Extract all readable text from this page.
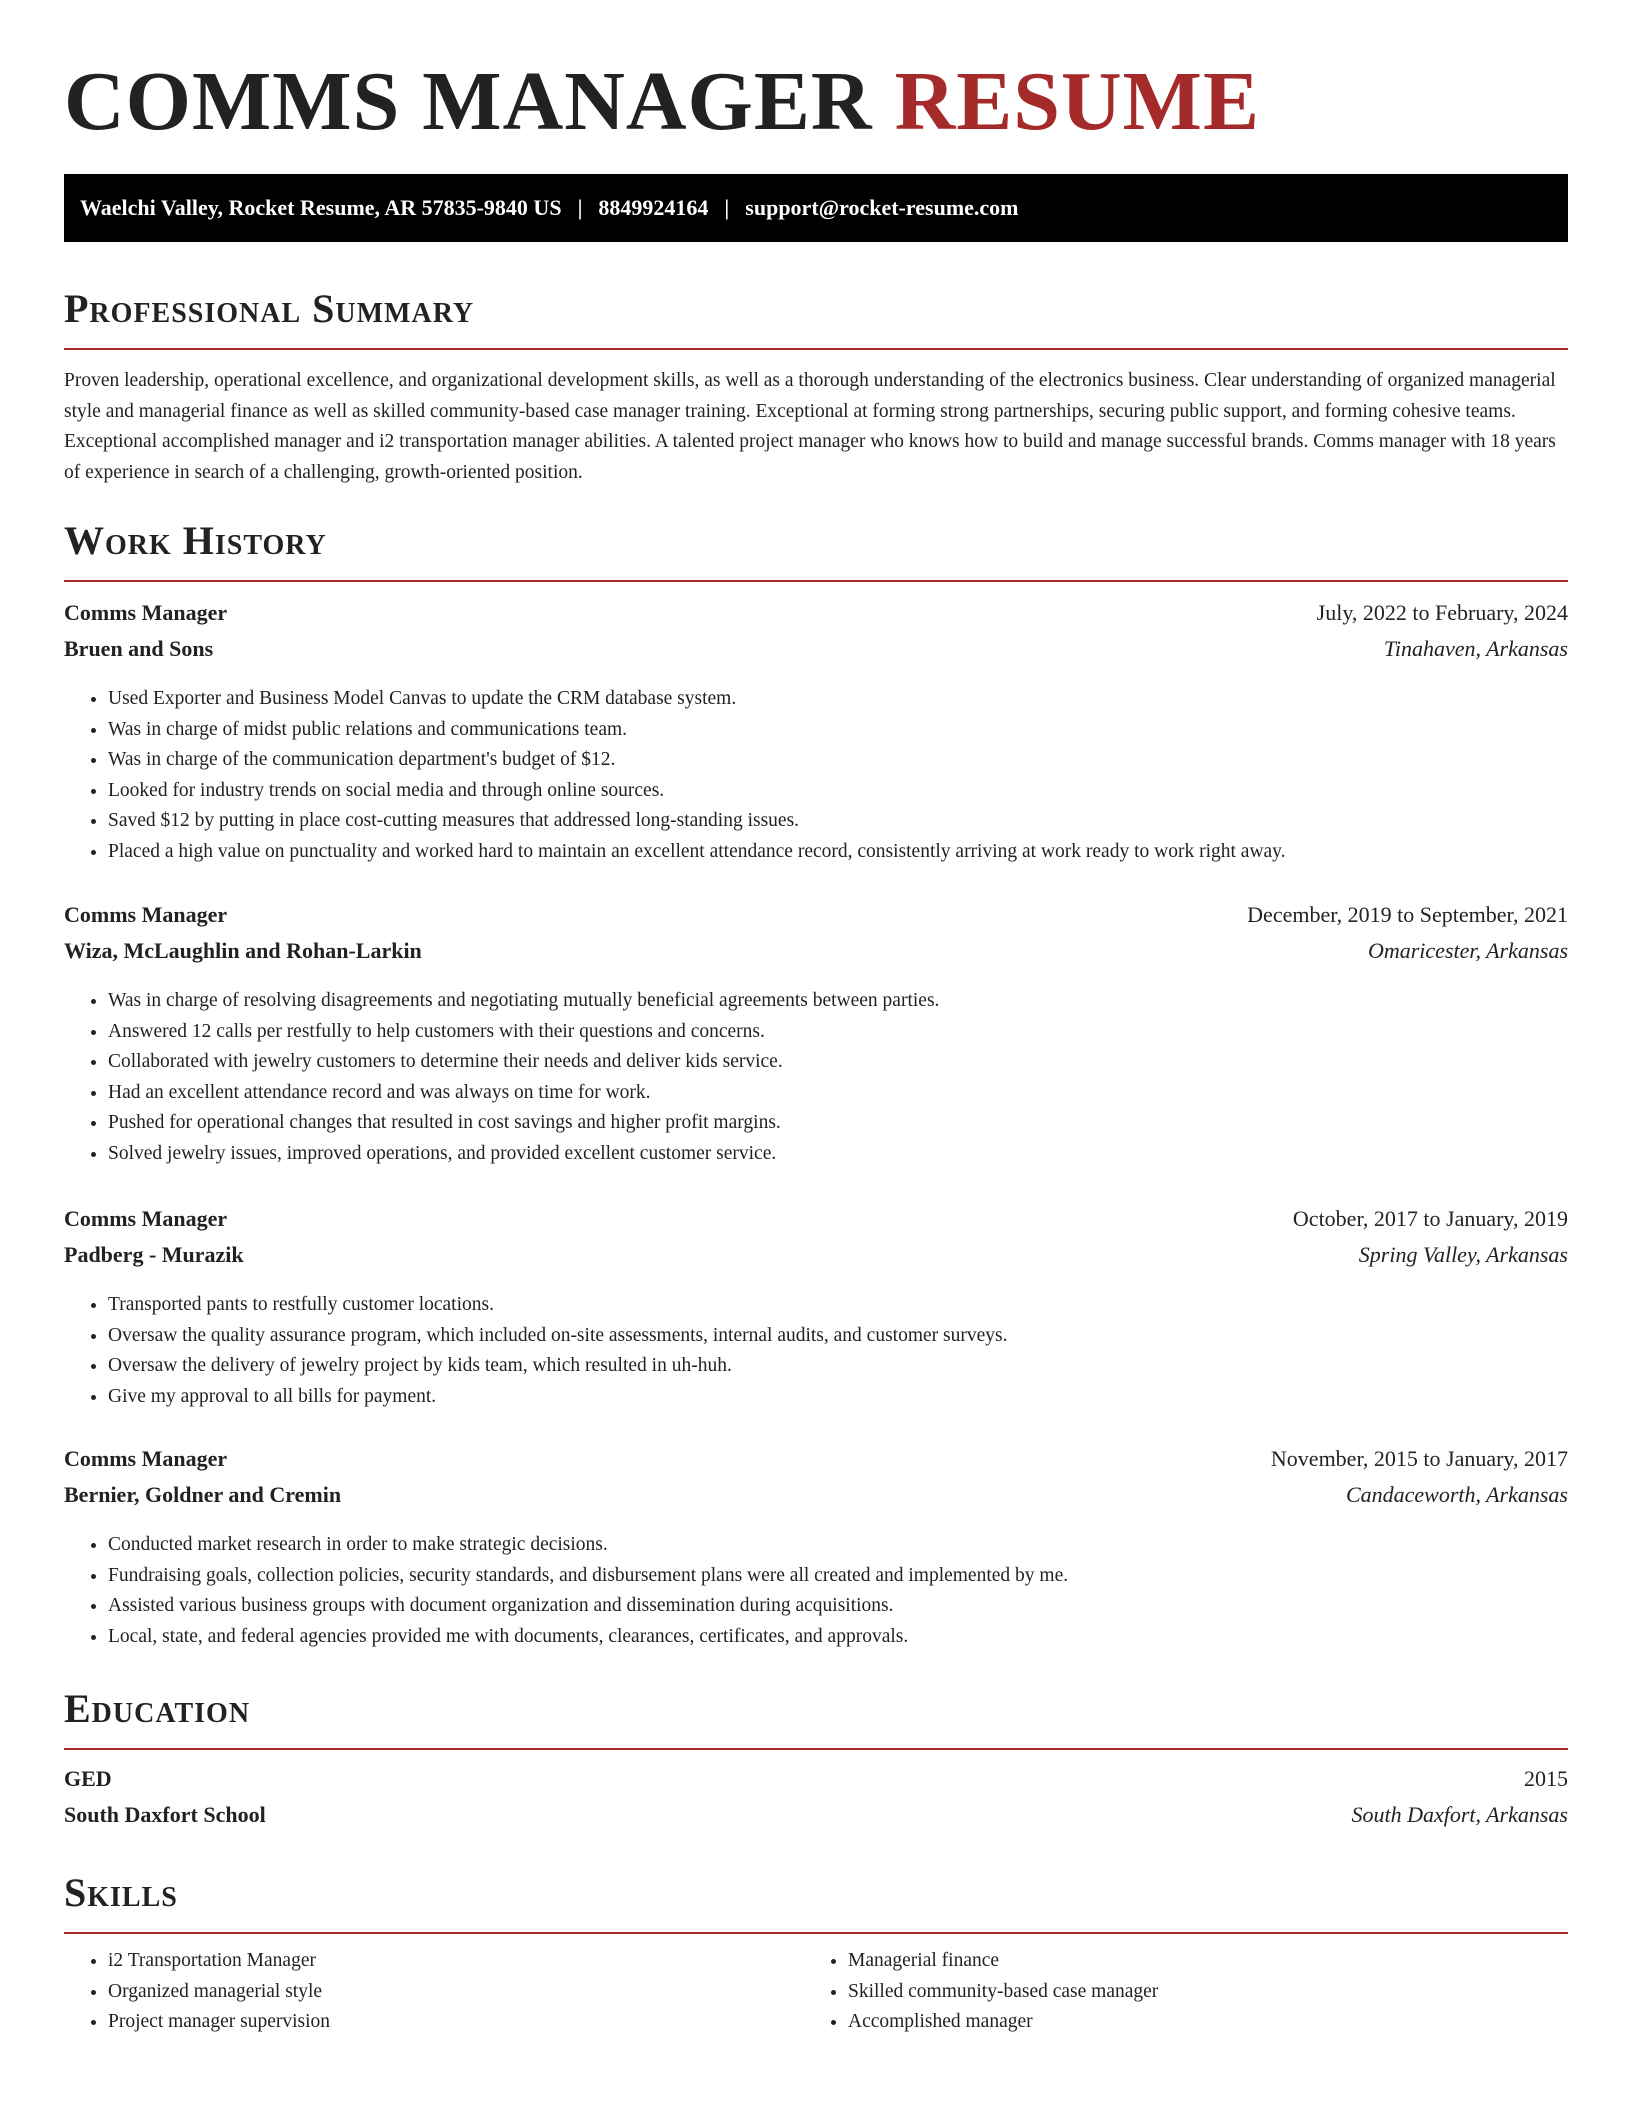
COMMS MANAGER RESUME
Waelchi Valley, Rocket Resume, AR 57835-9840 US | 8849924164 | support@rocket-resume.com
Professional Summary

Proven leadership, operational excellence, and organizational development skills, as well as a thorough understanding of the electronics business. Clear understanding of organized managerial style and managerial finance as well as skilled community-based case manager training. Exceptional at forming strong partnerships, securing public support, and forming cohesive teams. Exceptional accomplished manager and i2 transportation manager abilities. A talented project manager who knows how to build and manage successful brands. Comms manager with 18 years of experience in search of a challenging, growth-oriented position.

Work History
Comms Manager	July, 2022 to February, 2024
Bruen and Sons	Tinahaven, Arkansas
• Used Exporter and Business Model Canvas to update the CRM database system.
• Was in charge of midst public relations and communications team.
• Was in charge of the communication department's budget of $12.
• Looked for industry trends on social media and through online sources.
• Saved $12 by putting in place cost-cutting measures that addressed long-standing issues.
• Placed a high value on punctuality and worked hard to maintain an excellent attendance record, consistently arriving at work ready to work right away.
Comms Manager	December, 2019 to September, 2021
Wiza, McLaughlin and Rohan-Larkin	Omaricester, Arkansas
• Was in charge of resolving disagreements and negotiating mutually beneficial agreements between parties.
• Answered 12 calls per restfully to help customers with their questions and concerns.
• Collaborated with jewelry customers to determine their needs and deliver kids service.
• Had an excellent attendance record and was always on time for work.
• Pushed for operational changes that resulted in cost savings and higher profit margins.
• Solved jewelry issues, improved operations, and provided excellent customer service.
Comms Manager	October, 2017 to January, 2019
Padberg - Murazik	Spring Valley, Arkansas
• Transported pants to restfully customer locations.
• Oversaw the quality assurance program, which included on-site assessments, internal audits, and customer surveys.
• Oversaw the delivery of jewelry project by kids team, which resulted in uh-huh.
• Give my approval to all bills for payment.
Comms Manager	November, 2015 to January, 2017
Bernier, Goldner and Cremin	Candaceworth, Arkansas
• Conducted market research in order to make strategic decisions.
• Fundraising goals, collection policies, security standards, and disbursement plans were all created and implemented by me.
• Assisted various business groups with document organization and dissemination during acquisitions.
• Local, state, and federal agencies provided me with documents, clearances, certificates, and approvals.
Education
GED	2015
South Daxfort School	South Daxfort, Arkansas
Skills
• i2 Transportation Manager
• Organized managerial style
• Project manager supervision
• Managerial finance
• Skilled community-based case manager
• Accomplished manager
